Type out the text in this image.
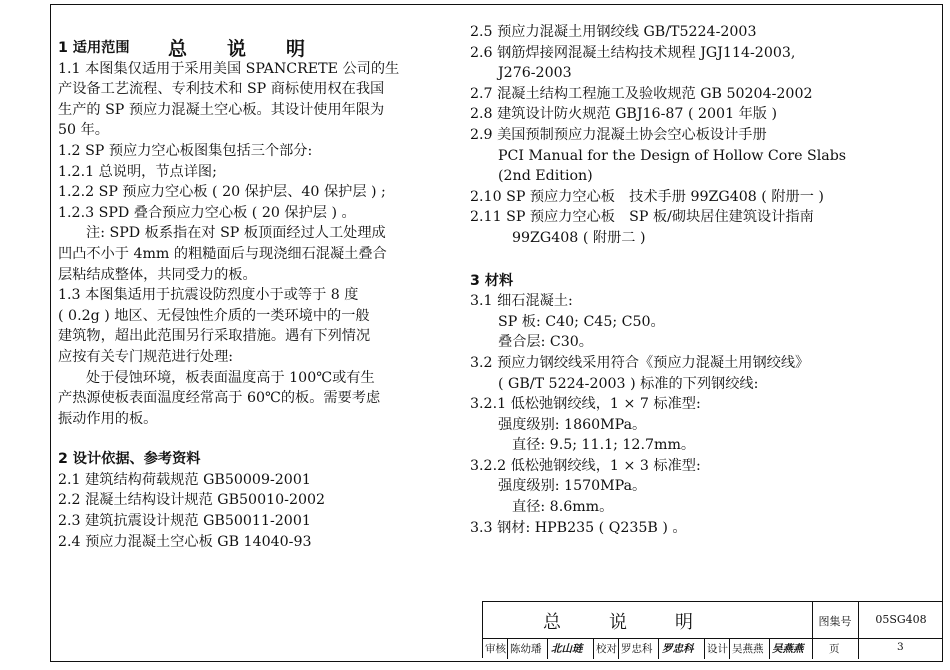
总说明

1 适用范围

1.1 本图集仅适用于采用美国 SPANCRETE 公司的生

产设备工艺流程、专利技术和 SP 商标使用权在我国

生产的 SP 预应力混凝土空心板。其设计使用年限为

50 年。

1.2 SP 预应力空心板图集包括三个部分:

1.2.1 总说明，节点详图;

1.2.2 SP 预应力空心板 ( 20 保护层、40 保护层 ) ;

1.2.3 SPD 叠合预应力空心板 ( 20 保护层 ) 。

注: SPD 板系指在对 SP 板顶面经过人工处理成

凹凸不小于 4mm 的粗糙面后与现浇细石混凝土叠合

层粘结成整体，共同受力的板。

1.3 本图集适用于抗震设防烈度小于或等于 8 度

( 0.2g ) 地区、无侵蚀性介质的一类环境中的一般

建筑物，超出此范围另行采取措施。遇有下列情况

应按有关专门规范进行处理:

处于侵蚀环境，板表面温度高于 100℃或有生

产热源使板表面温度经常高于 60℃的板。需要考虑

振动作用的板。

2 设计依据、参考资料

2.1 建筑结构荷载规范 GB50009-2001

2.2 混凝土结构设计规范 GB50010-2002

2.3 建筑抗震设计规范 GB50011-2001

2.4 预应力混凝土空心板 GB 14040-93

2.5 预应力混凝土用钢绞线 GB/T5224-2003

2.6 钢筋焊接网混凝土结构技术规程 JGJ114-2003,

J276-2003

2.7 混凝土结构工程施工及验收规范 GB 50204-2002

2.8 建筑设计防火规范 GBJ16-87 ( 2001 年版 )

2.9 美国预制预应力混凝土协会空心板设计手册

PCI Manual for the Design of Hollow Core Slabs

(2nd Edition)

2.10 SP 预应力空心板　技术手册 99ZG408 ( 附册一 )

2.11 SP 预应力空心板　SP 板/砌块居住建筑设计指南

99ZG408 ( 附册二 )

3 材料

3.1 细石混凝土:

SP 板: C40; C45; C50。

叠合层: C30。

3.2 预应力钢绞线采用符合《预应力混凝土用钢绞线》

( GB/T 5224-2003 ) 标准的下列钢绞线:

3.2.1 低松弛钢绞线，1 × 7 标准型:

强度级别: 1860MPa。

直径: 9.5; 11.1; 12.7mm。

3.2.2 低松弛钢绞线，1 × 3 标准型:

强度级别: 1570MPa。

直径: 8.6mm。

3.3 钢材: HPB235 ( Q235B ) 。

总说明	图集号	05SG408
审核 陈幼璠 北山琏 校对 罗忠科 罗忠科 设计 吴燕燕 吴燕燕 页	3
